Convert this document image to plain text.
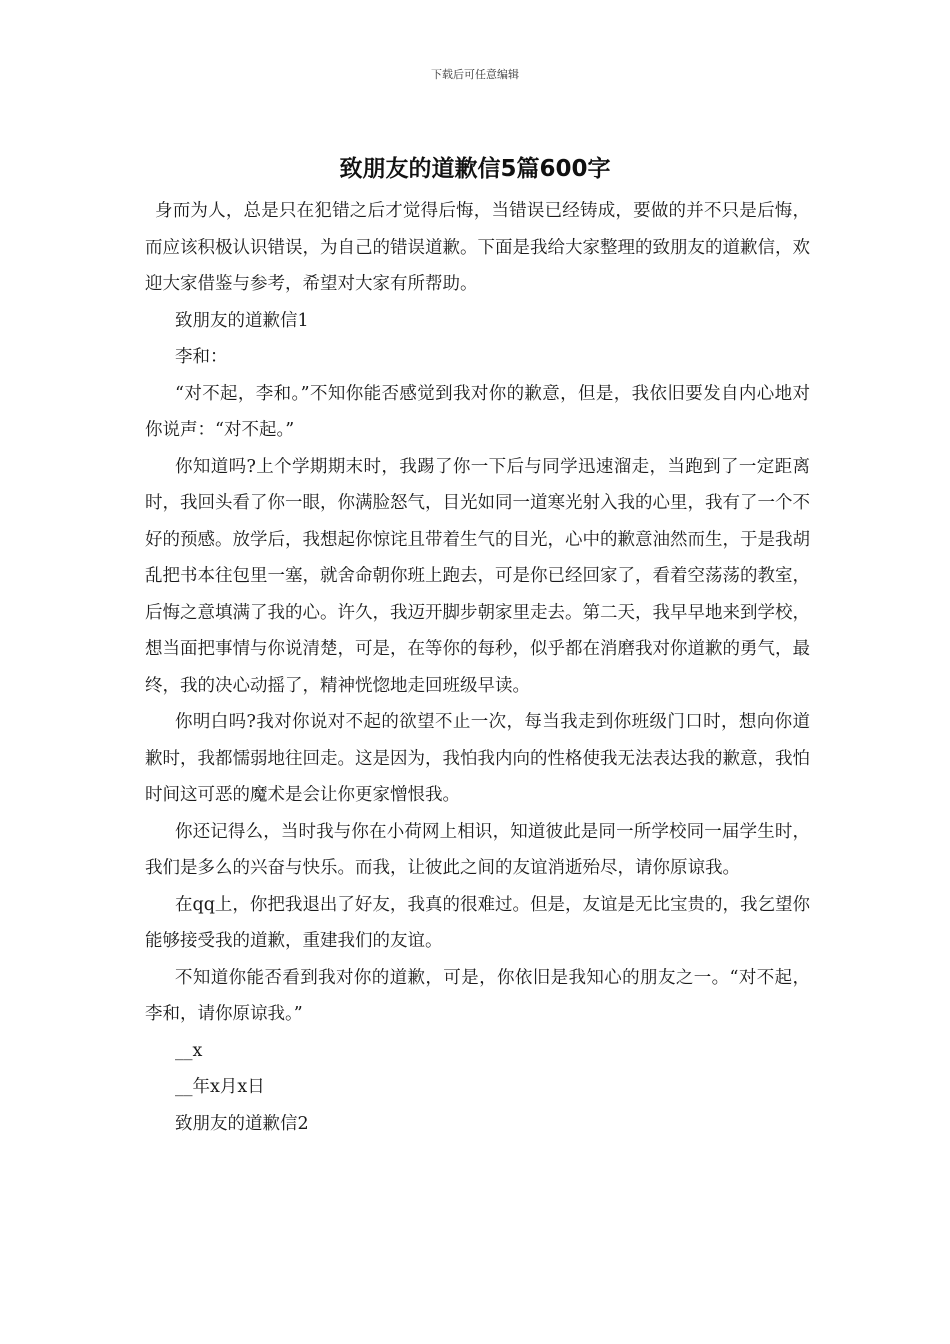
下载后可任意编辑
致朋友的道歉信5篇600字

身而为人，总是只在犯错之后才觉得后悔，当错误已经铸成，要做的并不只是后悔，而应该积极认识错误，为自己的错误道歉。下面是我给大家整理的致朋友的道歉信，欢迎大家借鉴与参考，希望对大家有所帮助。

致朋友的道歉信1

李和：

“对不起，李和。”不知你能否感觉到我对你的歉意，但是，我依旧要发自内心地对你说声：“对不起。”

你知道吗?上个学期期末时，我踢了你一下后与同学迅速溜走，当跑到了一定距离时，我回头看了你一眼，你满脸怒气，目光如同一道寒光射入我的心里，我有了一个不好的预感。放学后，我想起你惊诧且带着生气的目光，心中的歉意油然而生，于是我胡乱把书本往包里一塞，就舍命朝你班上跑去，可是你已经回家了，看着空荡荡的教室，后悔之意填满了我的心。许久，我迈开脚步朝家里走去。第二天，我早早地来到学校，想当面把事情与你说清楚，可是，在等你的每秒，似乎都在消磨我对你道歉的勇气，最终，我的决心动摇了，精神恍惚地走回班级早读。

你明白吗?我对你说对不起的欲望不止一次，每当我走到你班级门口时，想向你道歉时，我都懦弱地往回走。这是因为，我怕我内向的性格使我无法表达我的歉意，我怕时间这可恶的魔术是会让你更家憎恨我。

你还记得么，当时我与你在小荷网上相识，知道彼此是同一所学校同一届学生时，我们是多么的兴奋与快乐。而我，让彼此之间的友谊消逝殆尽，请你原谅我。

在qq上，你把我退出了好友，我真的很难过。但是，友谊是无比宝贵的，我乞望你能够接受我的道歉，重建我们的友谊。

不知道你能否看到我对你的道歉，可是，你依旧是我知心的朋友之一。“对不起，李和，请你原谅我。”

__x

__年x月x日

致朋友的道歉信2
